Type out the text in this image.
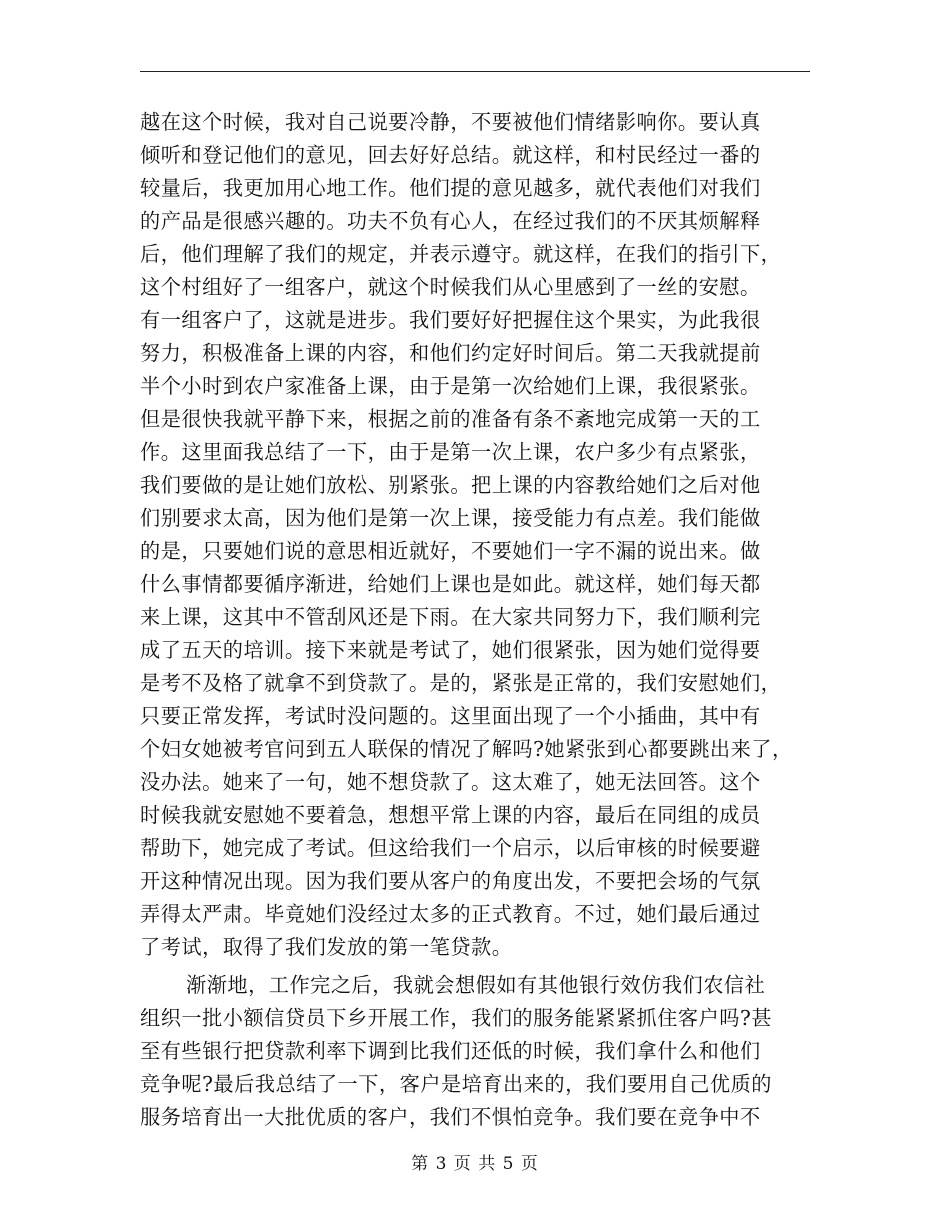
越在这个时候，我对自己说要冷静，不要被他们情绪影响你。要认真
倾听和登记他们的意见，回去好好总结。就这样，和村民经过一番的
较量后，我更加用心地工作。他们提的意见越多，就代表他们对我们
的产品是很感兴趣的。功夫不负有心人，在经过我们的不厌其烦解释
后，他们理解了我们的规定，并表示遵守。就这样，在我们的指引下，
这个村组好了一组客户，就这个时候我们从心里感到了一丝的安慰。
有一组客户了，这就是进步。我们要好好把握住这个果实，为此我很
努力，积极准备上课的内容，和他们约定好时间后。第二天我就提前
半个小时到农户家准备上课，由于是第一次给她们上课，我很紧张。
但是很快我就平静下来，根据之前的准备有条不紊地完成第一天的工
作。这里面我总结了一下，由于是第一次上课，农户多少有点紧张，
我们要做的是让她们放松、别紧张。把上课的内容教给她们之后对他
们别要求太高，因为他们是第一次上课，接受能力有点差。我们能做
的是，只要她们说的意思相近就好，不要她们一字不漏的说出来。做
什么事情都要循序渐进，给她们上课也是如此。就这样，她们每天都
来上课，这其中不管刮风还是下雨。在大家共同努力下，我们顺利完
成了五天的培训。接下来就是考试了，她们很紧张，因为她们觉得要
是考不及格了就拿不到贷款了。是的，紧张是正常的，我们安慰她们，
只要正常发挥，考试时没问题的。这里面出现了一个小插曲，其中有
个妇女她被考官问到五人联保的情况了解吗?她紧张到心都要跳出来了，
没办法。她来了一句，她不想贷款了。这太难了，她无法回答。这个
时候我就安慰她不要着急，想想平常上课的内容，最后在同组的成员
帮助下，她完成了考试。但这给我们一个启示，以后审核的时候要避
开这种情况出现。因为我们要从客户的角度出发，不要把会场的气氛
弄得太严肃。毕竟她们没经过太多的正式教育。不过，她们最后通过
了考试，取得了我们发放的第一笔贷款。
渐渐地，工作完之后，我就会想假如有其他银行效仿我们农信社
组织一批小额信贷员下乡开展工作，我们的服务能紧紧抓住客户吗?甚
至有些银行把贷款利率下调到比我们还低的时候，我们拿什么和他们
竞争呢?最后我总结了一下，客户是培育出来的，我们要用自己优质的
服务培育出一大批优质的客户，我们不惧怕竞争。我们要在竞争中不
第 3 页 共 5 页
